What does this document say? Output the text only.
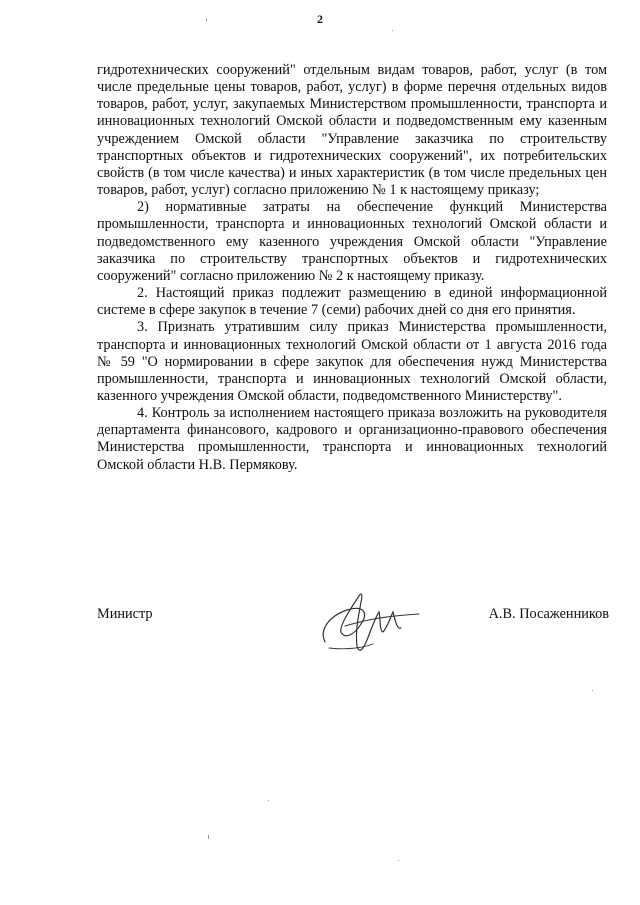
2

гидротехнических сооружений" отдельным видам товаров, работ, услуг (в том числе предельные цены товаров, работ, услуг) в форме перечня отдельных видов товаров, работ, услуг, закупаемых Министерством промышленности, транспорта и инновационных технологий Омской области и подведомственным ему казенным учреждением Омской области "Управление заказчика по строительству транспортных объектов и гидротехнических сооружений", их потребительских свойств (в том числе качества) и иных характеристик (в том числе предельных цен товаров, работ, услуг) согласно приложению № 1 к настоящему приказу;

2) нормативные затраты на обеспечение функций Министерства промышленности, транспорта и инновационных технологий Омской области и подведомственного ему казенного учреждения Омской области "Управление заказчика по строительству транспортных объектов и гидротехнических сооружений" согласно приложению № 2 к настоящему приказу.

2. Настоящий приказ подлежит размещению в единой информационной системе в сфере закупок в течение 7 (семи) рабочих дней со дня его принятия.

3. Признать утратившим силу приказ Министерства промышленности, транспорта и инновационных технологий Омской области от 1 августа 2016 года № 59 "О нормировании в сфере закупок для обеспечения нужд Министерства промышленности, транспорта и инновационных технологий Омской области, казенного учреждения Омской области, подведомственного Министерству".

4. Контроль за исполнением настоящего приказа возложить на руководителя департамента финансового, кадрового и организационно-правового обеспечения Министерства промышленности, транспорта и инновационных технологий Омской области Н.В. Пермякову.

Министр	А.В. Посаженников
